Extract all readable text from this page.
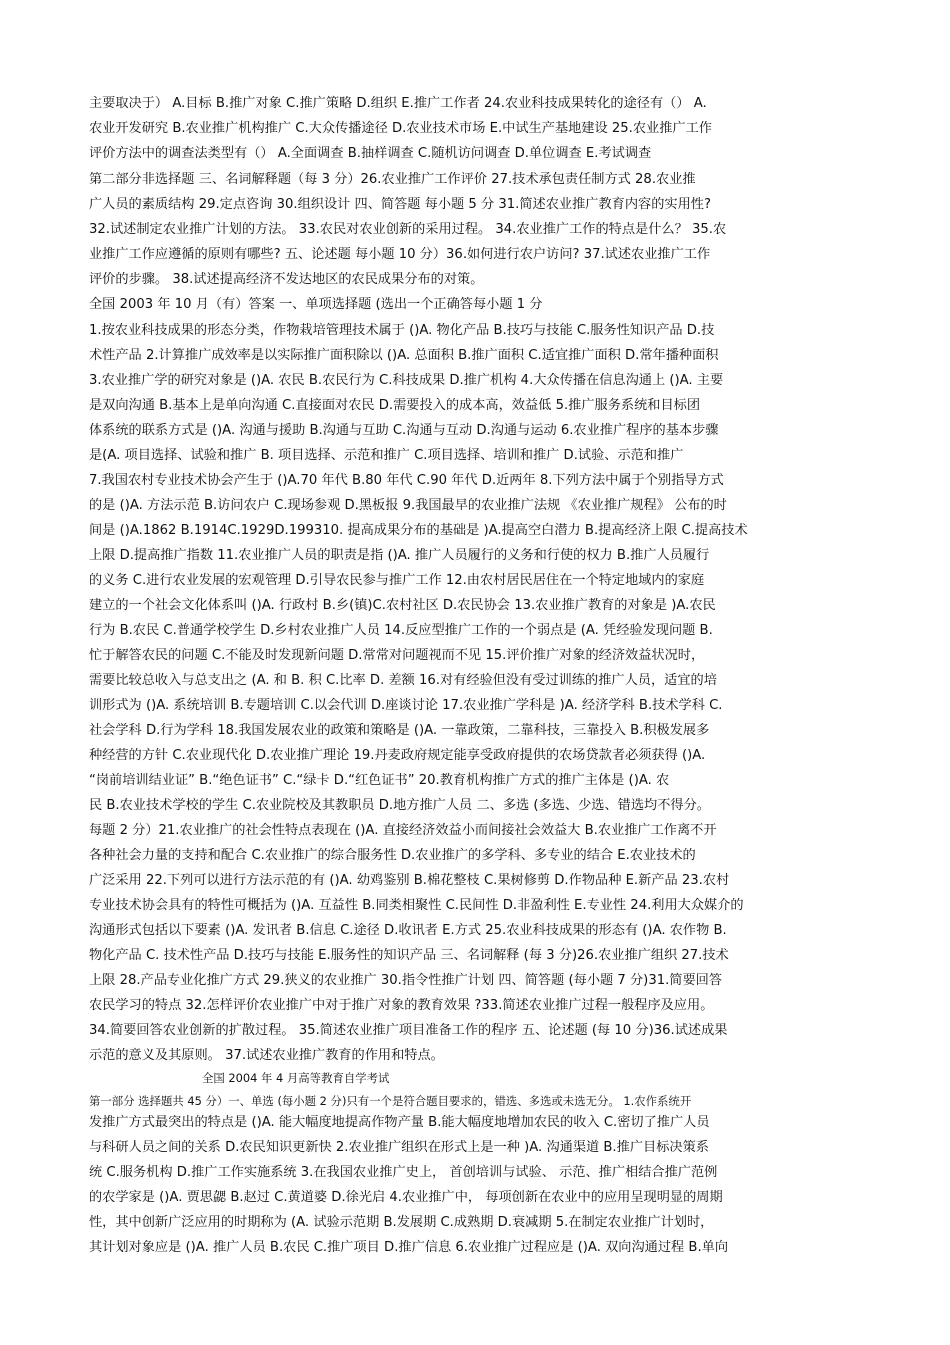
主要取决于） A.目标 B.推广对象 C.推广策略 D.组织 E.推广工作者 24.农业科技成果转化的途径有（） A.
农业开发研究 B.农业推广机构推广 C.大众传播途径 D.农业技术市场 E.中试生产基地建设 25.农业推广工作
评价方法中的调查法类型有（） A.全面调查 B.抽样调查 C.随机访问调查 D.单位调查 E.考试调查
第二部分非选择题 三、名词解释题（每 3 分）26.农业推广工作评价 27.技术承包责任制方式 28.农业推
广人员的素质结构 29.定点咨询 30.组织设计 四、简答题 每小题 5 分 31.简述农业推广教育内容的实用性?
32.试述制定农业推广计划的方法。 33.农民对农业创新的采用过程。 34.农业推广工作的特点是什么？ 35.农
业推广工作应遵循的原则有哪些? 五、论述题 每小题 10 分）36.如何进行农户访问? 37.试述农业推广工作
评价的步骤。 38.试述提高经济不发达地区的农民成果分布的对策。
全国 2003 年 10 月（有）答案 一、单项选择题 (选出一个正确答每小题 1 分
1.按农业科技成果的形态分类，作物栽培管理技术属于 ()A. 物化产品 B.技巧与技能 C.服务性知识产品 D.技
术性产品 2.计算推广成效率是以实际推广面积除以 ()A. 总面积 B.推广面积 C.适宜推广面积 D.常年播种面积
3.农业推广学的研究对象是 ()A. 农民 B.农民行为 C.科技成果 D.推广机构 4.大众传播在信息沟通上 ()A. 主要
是双向沟通 B.基本上是单向沟通 C.直接面对农民 D.需要投入的成本高，效益低 5.推广服务系统和目标团
体系统的联系方式是 ()A. 沟通与援助 B.沟通与互助 C.沟通与互动 D.沟通与运动 6.农业推广程序的基本步骤
是(A. 项目选择、试验和推广 B. 项目选择、示范和推广 C.项目选择、培训和推广 D.试验、示范和推广
7.我国农村专业技术协会产生于 ()A.70 年代 B.80 年代 C.90 年代 D.近两年 8.下列方法中属于个别指导方式
的是 ()A. 方法示范 B.访问农户 C.现场参观 D.黑板报 9.我国最早的农业推广法规 《农业推广规程》 公布的时
间是 ()A.1862 B.1914C.1929D.199310. 提高成果分布的基础是 )A.提高空白潜力 B.提高经济上限 C.提高技术
上限 D.提高推广指数 11.农业推广人员的职责是指 ()A. 推广人员履行的义务和行使的权力 B.推广人员履行
的义务 C.进行农业发展的宏观管理 D.引导农民参与推广工作 12.由农村居民居住在一个特定地域内的家庭
建立的一个社会文化体系叫 ()A. 行政村 B.乡(镇)C.农村社区 D.农民协会 13.农业推广教育的对象是 )A.农民
行为 B.农民 C.普通学校学生 D.乡村农业推广人员 14.反应型推广工作的一个弱点是 (A. 凭经验发现问题 B.
忙于解答农民的问题 C.不能及时发现新问题 D.常常对问题视而不见 15.评价推广对象的经济效益状况时，
需要比较总收入与总支出之 (A. 和 B. 积 C.比率 D. 差额 16.对有经验但没有受过训练的推广人员，适宜的培
训形式为 ()A. 系统培训 B.专题培训 C.以会代训 D.座谈讨论 17.农业推广学科是 )A. 经济学科 B.技术学科 C.
社会学科 D.行为学科 18.我国发展农业的政策和策略是 ()A. 一靠政策，二靠科技，三靠投入 B.积极发展多
种经营的方针 C.农业现代化 D.农业推广理论 19.丹麦政府规定能享受政府提供的农场贷款者必须获得 ()A.
“岗前培训结业证” B.“绝色证书” C.“绿卡 D.“红色证书” 20.教育机构推广方式的推广主体是 ()A. 农
民 B.农业技术学校的学生 C.农业院校及其教职员 D.地方推广人员 二、多选 (多选、少选、错选均不得分。
每题 2 分）21.农业推广的社会性特点表现在 ()A. 直接经济效益小而间接社会效益大 B.农业推广工作离不开
各种社会力量的支持和配合 C.农业推广的综合服务性 D.农业推广的多学科、多专业的结合 E.农业技术的
广泛采用 22.下列可以进行方法示范的有 ()A. 幼鸡鉴别 B.棉花整枝 C.果树修剪 D.作物品种 E.新产品 23.农村
专业技术协会具有的特性可概括为 ()A. 互益性 B.同类相聚性 C.民间性 D.非盈利性 E.专业性 24.利用大众媒介的
沟通形式包括以下要素 ()A. 发讯者 B.信息 C.途径 D.收讯者 E.方式 25.农业科技成果的形态有 ()A. 农作物 B.
物化产品 C. 技术性产品 D.技巧与技能 E.服务性的知识产品 三、名词解释 (每 3 分)26.农业推广组织 27.技术
上限 28.产品专业化推广方式 29.狭义的农业推广 30.指令性推广计划 四、简答题 (每小题 7 分)31.简要回答
农民学习的特点 32.怎样评价农业推广中对于推广对象的教育效果 ?33.简述农业推广过程一般程序及应用。
34.简要回答农业创新的扩散过程。 35.简述农业推广项目准备工作的程序 五、论述题 (每 10 分)36.试述成果
示范的意义及其原则。 37.试述农业推广教育的作用和特点。
全国 2004 年 4 月高等教育自学考试
第一部分 选择题共 45 分）一、单选 (每小题 2 分)只有一个是符合题目要求的，错选、多选或未选无分。 1.农作系统开
发推广方式最突出的特点是 ()A. 能大幅度地提高作物产量 B.能大幅度地增加农民的收入 C.密切了推广人员
与科研人员之间的关系 D.农民知识更新快 2.农业推广组织在形式上是一种 )A. 沟通渠道 B.推广目标决策系
统 C.服务机构 D.推广工作实施系统 3.在我国农业推广史上， 首创培训与试验、 示范、推广相结合推广范例
的农学家是 ()A. 贾思勰 B.赵过 C.黄道婆 D.徐光启 4.农业推广中， 每项创新在农业中的应用呈现明显的周期
性，其中创新广泛应用的时期称为 (A. 试验示范期 B.发展期 C.成熟期 D.衰减期 5.在制定农业推广计划时，
其计划对象应是 ()A. 推广人员 B.农民 C.推广项目 D.推广信息 6.农业推广过程应是 ()A. 双向沟通过程 B.单向
